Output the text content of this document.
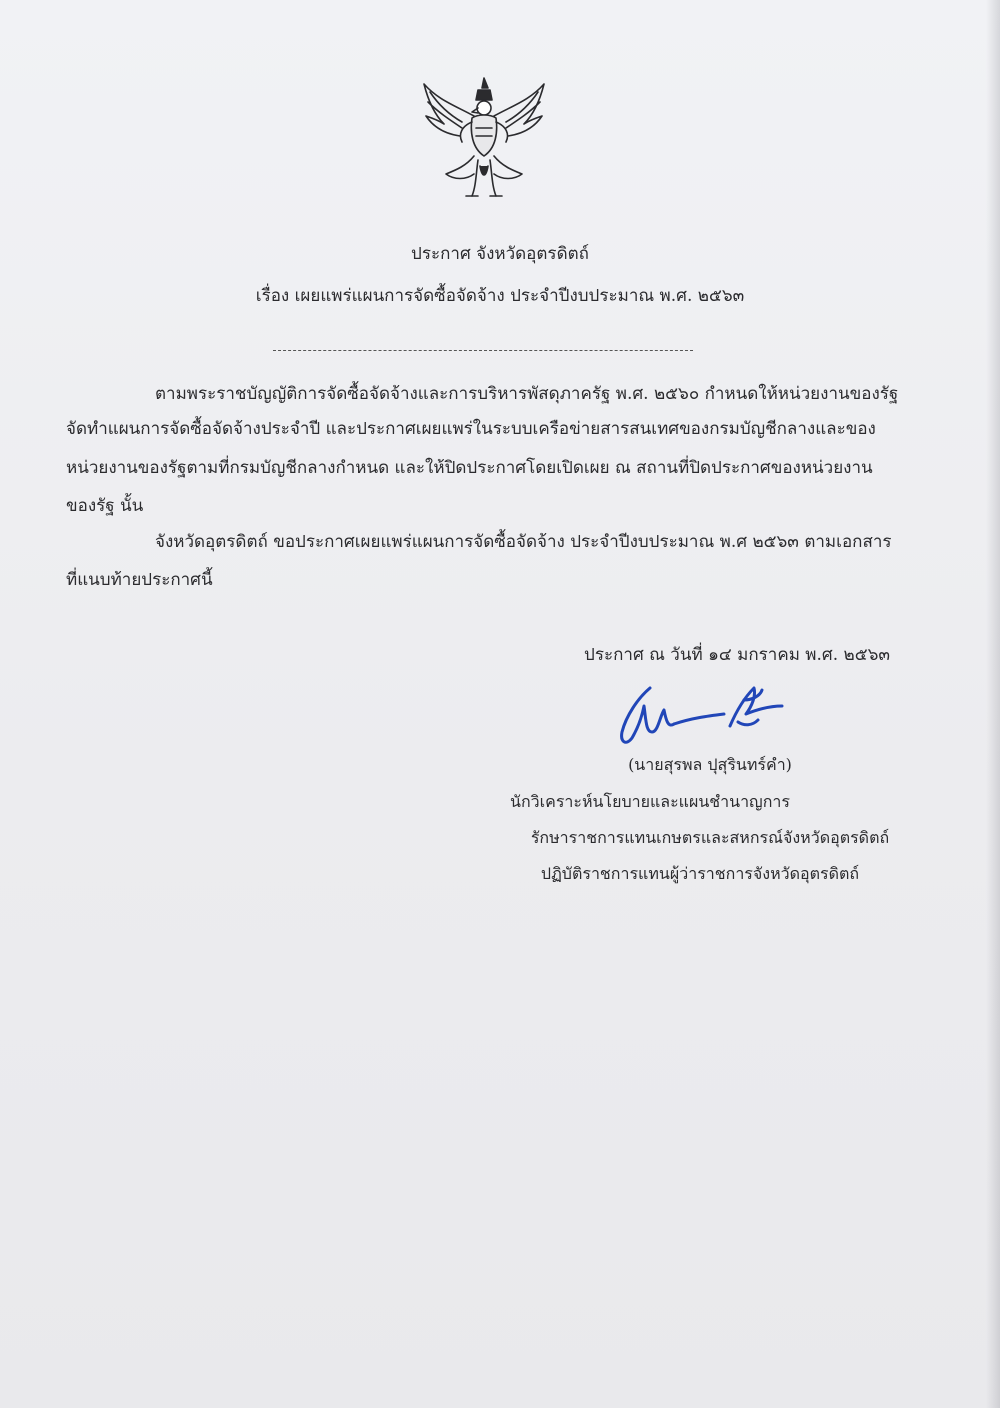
ประกาศ จังหวัดอุตรดิตถ์
เรื่อง เผยแพร่แผนการจัดซื้อจัดจ้าง ประจำปีงบประมาณ พ.ศ. ๒๕๖๓
ตามพระราชบัญญัติการจัดซื้อจัดจ้างและการบริหารพัสดุภาครัฐ พ.ศ. ๒๕๖๐ กำหนดให้หน่วยงานของรัฐ
จัดทำแผนการจัดซื้อจัดจ้างประจำปี และประกาศเผยแพร่ในระบบเครือข่ายสารสนเทศของกรมบัญชีกลางและของ
หน่วยงานของรัฐตามที่กรมบัญชีกลางกำหนด และให้ปิดประกาศโดยเปิดเผย ณ สถานที่ปิดประกาศของหน่วยงาน
ของรัฐ นั้น
จังหวัดอุตรดิตถ์ ขอประกาศเผยแพร่แผนการจัดซื้อจัดจ้าง ประจำปีงบประมาณ พ.ศ ๒๕๖๓ ตามเอกสาร
ที่แนบท้ายประกาศนี้
ประกาศ ณ วันที่ ๑๔ มกราคม พ.ศ. ๒๕๖๓
(นายสุรพล ปุสุรินทร์คำ)
นักวิเคราะห์นโยบายและแผนชำนาญการ
รักษาราชการแทนเกษตรและสหกรณ์จังหวัดอุตรดิตถ์
ปฏิบัติราชการแทนผู้ว่าราชการจังหวัดอุตรดิตถ์
